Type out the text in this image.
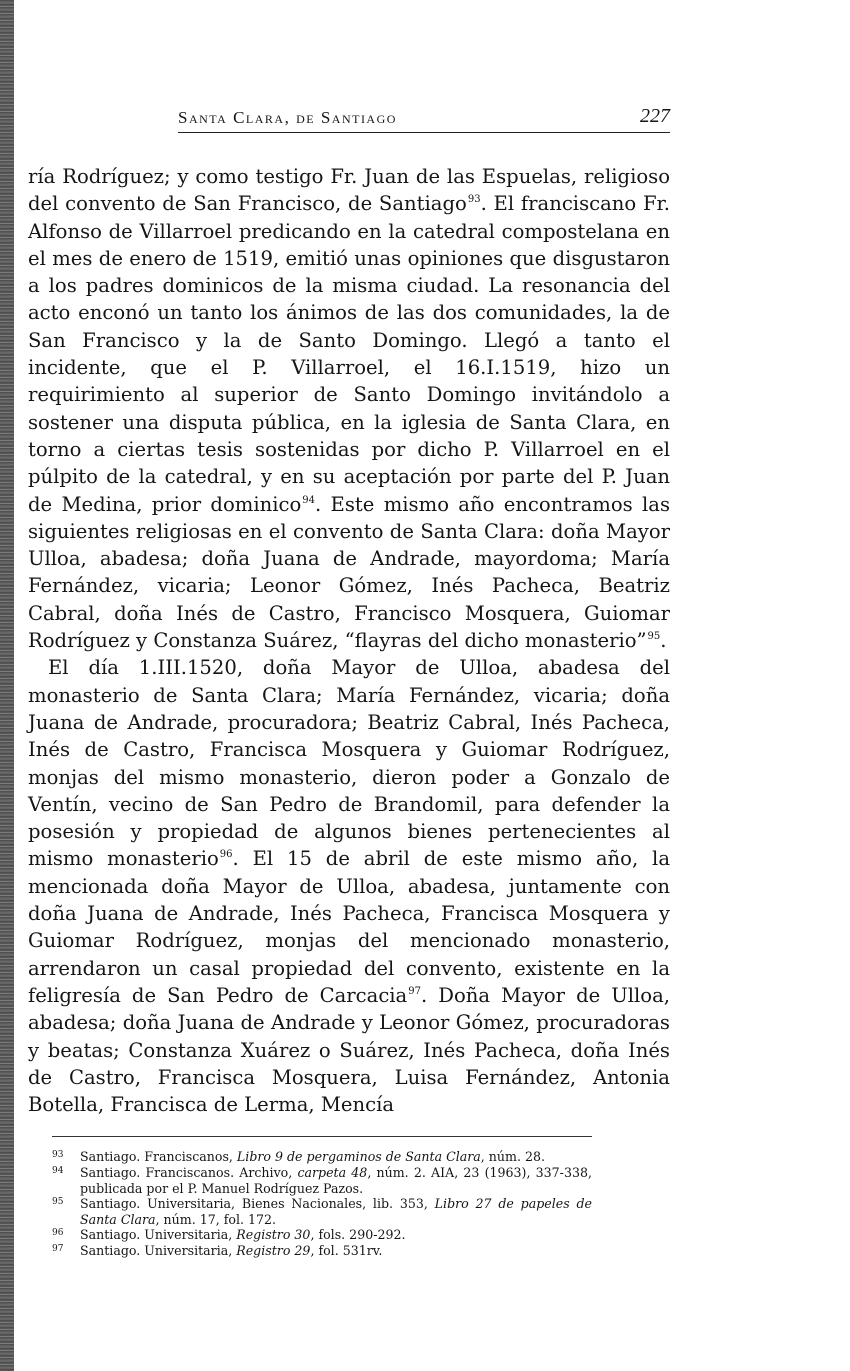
Santa Clara, de Santiago	227

ría Rodríguez; y como testigo Fr. Juan de las Espuelas, religioso del convento de San Francisco, de Santiago$^{93}$. El franciscano Fr. Alfonso de Villarroel predicando en la catedral compostelana en el mes de enero de 1519, emitió unas opiniones que disgustaron a los padres dominicos de la misma ciudad. La resonancia del acto enconó un tanto los ánimos de las dos comunidades, la de San Francisco y la de Santo Domingo. Llegó a tanto el incidente, que el P. Villarroel, el 16.I.1519, hizo un requirimiento al superior de Santo Domingo invitándolo a sostener una disputa pública, en la iglesia de Santa Clara, en torno a ciertas tesis sostenidas por dicho P. Villarroel en el púlpito de la catedral, y en su aceptación por parte del P. Juan de Medina, prior dominico$^{94}$. Este mismo año encontramos las siguientes religiosas en el convento de Santa Clara: doña Mayor Ulloa, abadesa; doña Juana de Andrade, mayordoma; María Fernández, vicaria; Leonor Gómez, Inés Pacheca, Beatriz Cabral, doña Inés de Castro, Francisco Mosquera, Guiomar Rodríguez y Constanza Suárez, “flayras del dicho monasterio”$^{95}$.

El día 1.III.1520, doña Mayor de Ulloa, abadesa del monasterio de Santa Clara; María Fernández, vicaria; doña Juana de Andrade, procuradora; Beatriz Cabral, Inés Pacheca, Inés de Castro, Francisca Mosquera y Guiomar Rodríguez, monjas del mismo monasterio, dieron poder a Gonzalo de Ventín, vecino de San Pedro de Brandomil, para defender la posesión y propiedad de algunos bienes pertenecientes al mismo monasterio$^{96}$. El 15 de abril de este mismo año, la mencionada doña Mayor de Ulloa, abadesa, juntamente con doña Juana de Andrade, Inés Pacheca, Francisca Mosquera y Guiomar Rodríguez, monjas del mencionado monasterio, arrendaron un casal propiedad del convento, existente en la feligresía de San Pedro de Carcacia$^{97}$. Doña Mayor de Ulloa, abadesa; doña Juana de Andrade y Leonor Gómez, procuradoras y beatas; Constanza Xuárez o Suárez, Inés Pacheca, doña Inés de Castro, Francisca Mosquera, Luisa Fernández, Antonia Botella, Francisca de Lerma, Mencía

93 Santiago. Franciscanos, Libro 9 de pergaminos de Santa Clara, núm. 28.
94 Santiago. Franciscanos. Archivo, carpeta 48, núm. 2. AIA, 23 (1963), 337-338, publicada por el P. Manuel Rodríguez Pazos.
95 Santiago. Universitaria, Bienes Nacionales, lib. 353, Libro 27 de papeles de Santa Clara, núm. 17, fol. 172.
96 Santiago. Universitaria, Registro 30, fols. 290-292.
97 Santiago. Universitaria, Registro 29, fol. 531rv.
